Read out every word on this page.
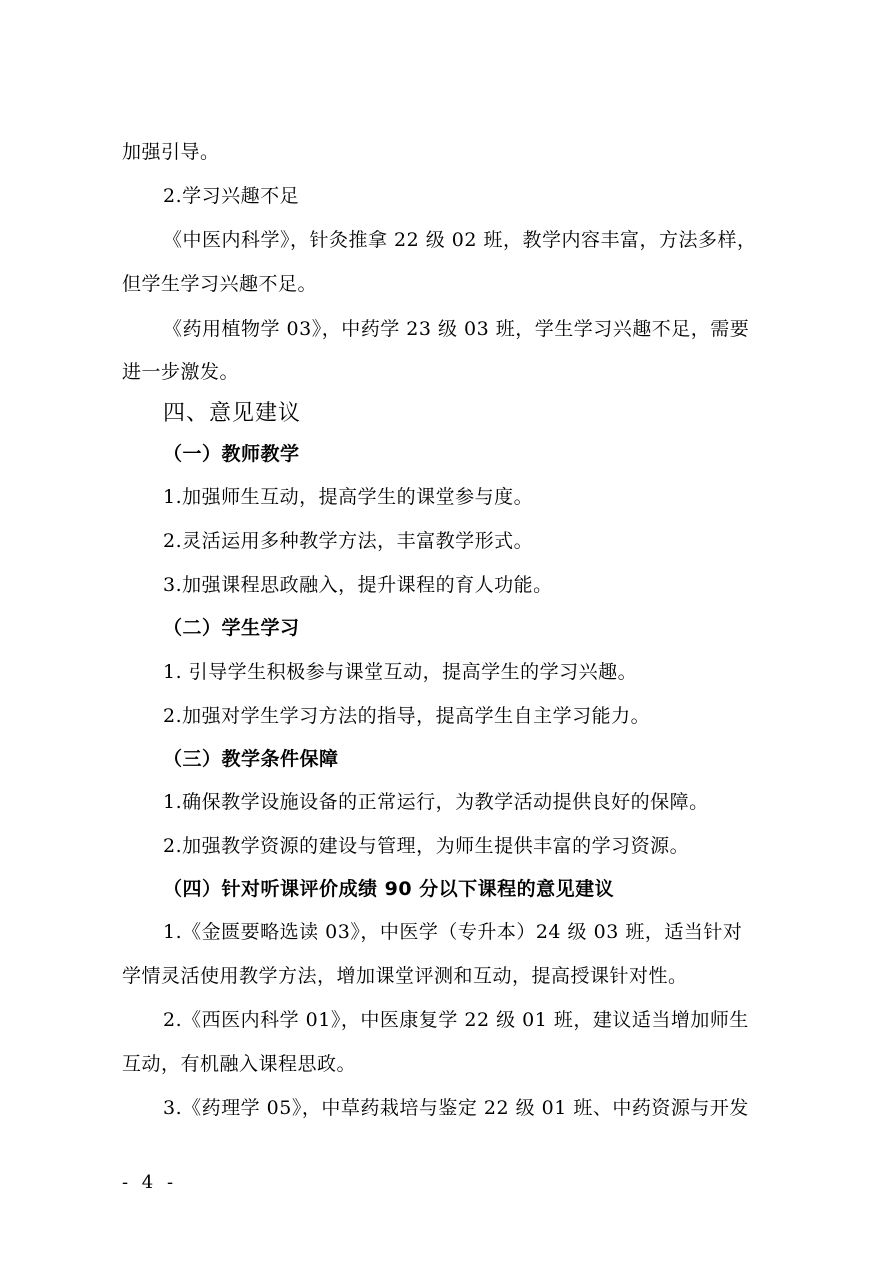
加强引导。
2.学习兴趣不足
《中医内科学》，针灸推拿 22 级 02 班，教学内容丰富，方法多样，
但学生学习兴趣不足。
《药用植物学 03》，中药学 23 级 03 班，学生学习兴趣不足，需要
进一步激发。
四、意见建议
（一）教师教学
1.加强师生互动，提高学生的课堂参与度。
2.灵活运用多种教学方法，丰富教学形式。
3.加强课程思政融入，提升课程的育人功能。
（二）学生学习
1. 引导学生积极参与课堂互动，提高学生的学习兴趣。
2.加强对学生学习方法的指导，提高学生自主学习能力。
（三）教学条件保障
1.确保教学设施设备的正常运行，为教学活动提供良好的保障。
2.加强教学资源的建设与管理，为师生提供丰富的学习资源。
（四）针对听课评价成绩 90 分以下课程的意见建议
1.《金匮要略选读 03》，中医学（专升本）24 级 03 班，适当针对
学情灵活使用教学方法，增加课堂评测和互动，提高授课针对性。
2.《西医内科学 01》，中医康复学 22 级 01 班，建议适当增加师生
互动，有机融入课程思政。
3.《药理学 05》，中草药栽培与鉴定 22 级 01 班、中药资源与开发
- 4 -
